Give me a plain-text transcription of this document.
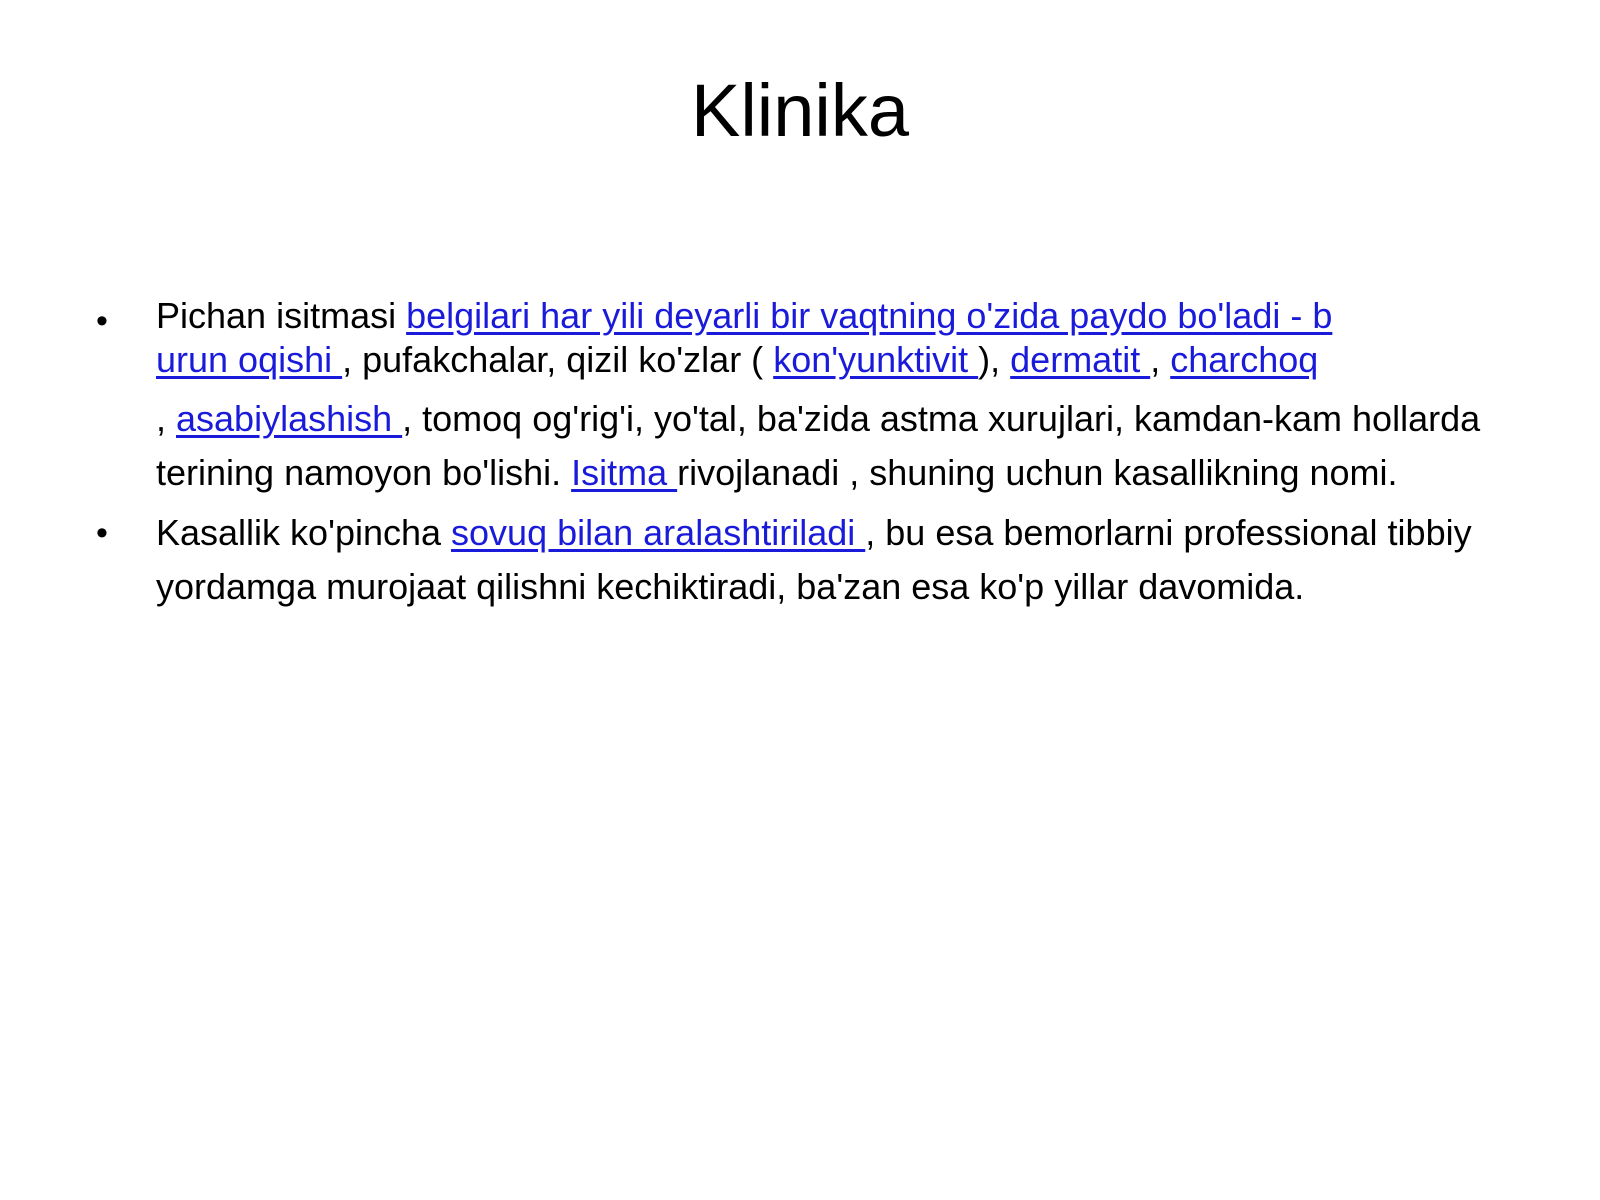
Klinika
• Pichan isitmasi belgilari har yili deyarli bir vaqtning o'zida paydo bo'ladi - b
urun oqishi , pufakchalar, qizil ko'zlar ( kon'yunktivit ), dermatit , charchoq
, asabiylashish , tomoq og'rig'i, yo'tal, ba'zida astma xurujlari, kamdan-kam hollarda terining namoyon bo'lishi. Isitma rivojlanadi , shuning uchun kasallikning nomi.
• Kasallik ko'pincha sovuq bilan aralashtiriladi , bu esa bemorlarni professional tibbiy yordamga murojaat qilishni kechiktiradi, ba'zan esa ko'p yillar davomida.
